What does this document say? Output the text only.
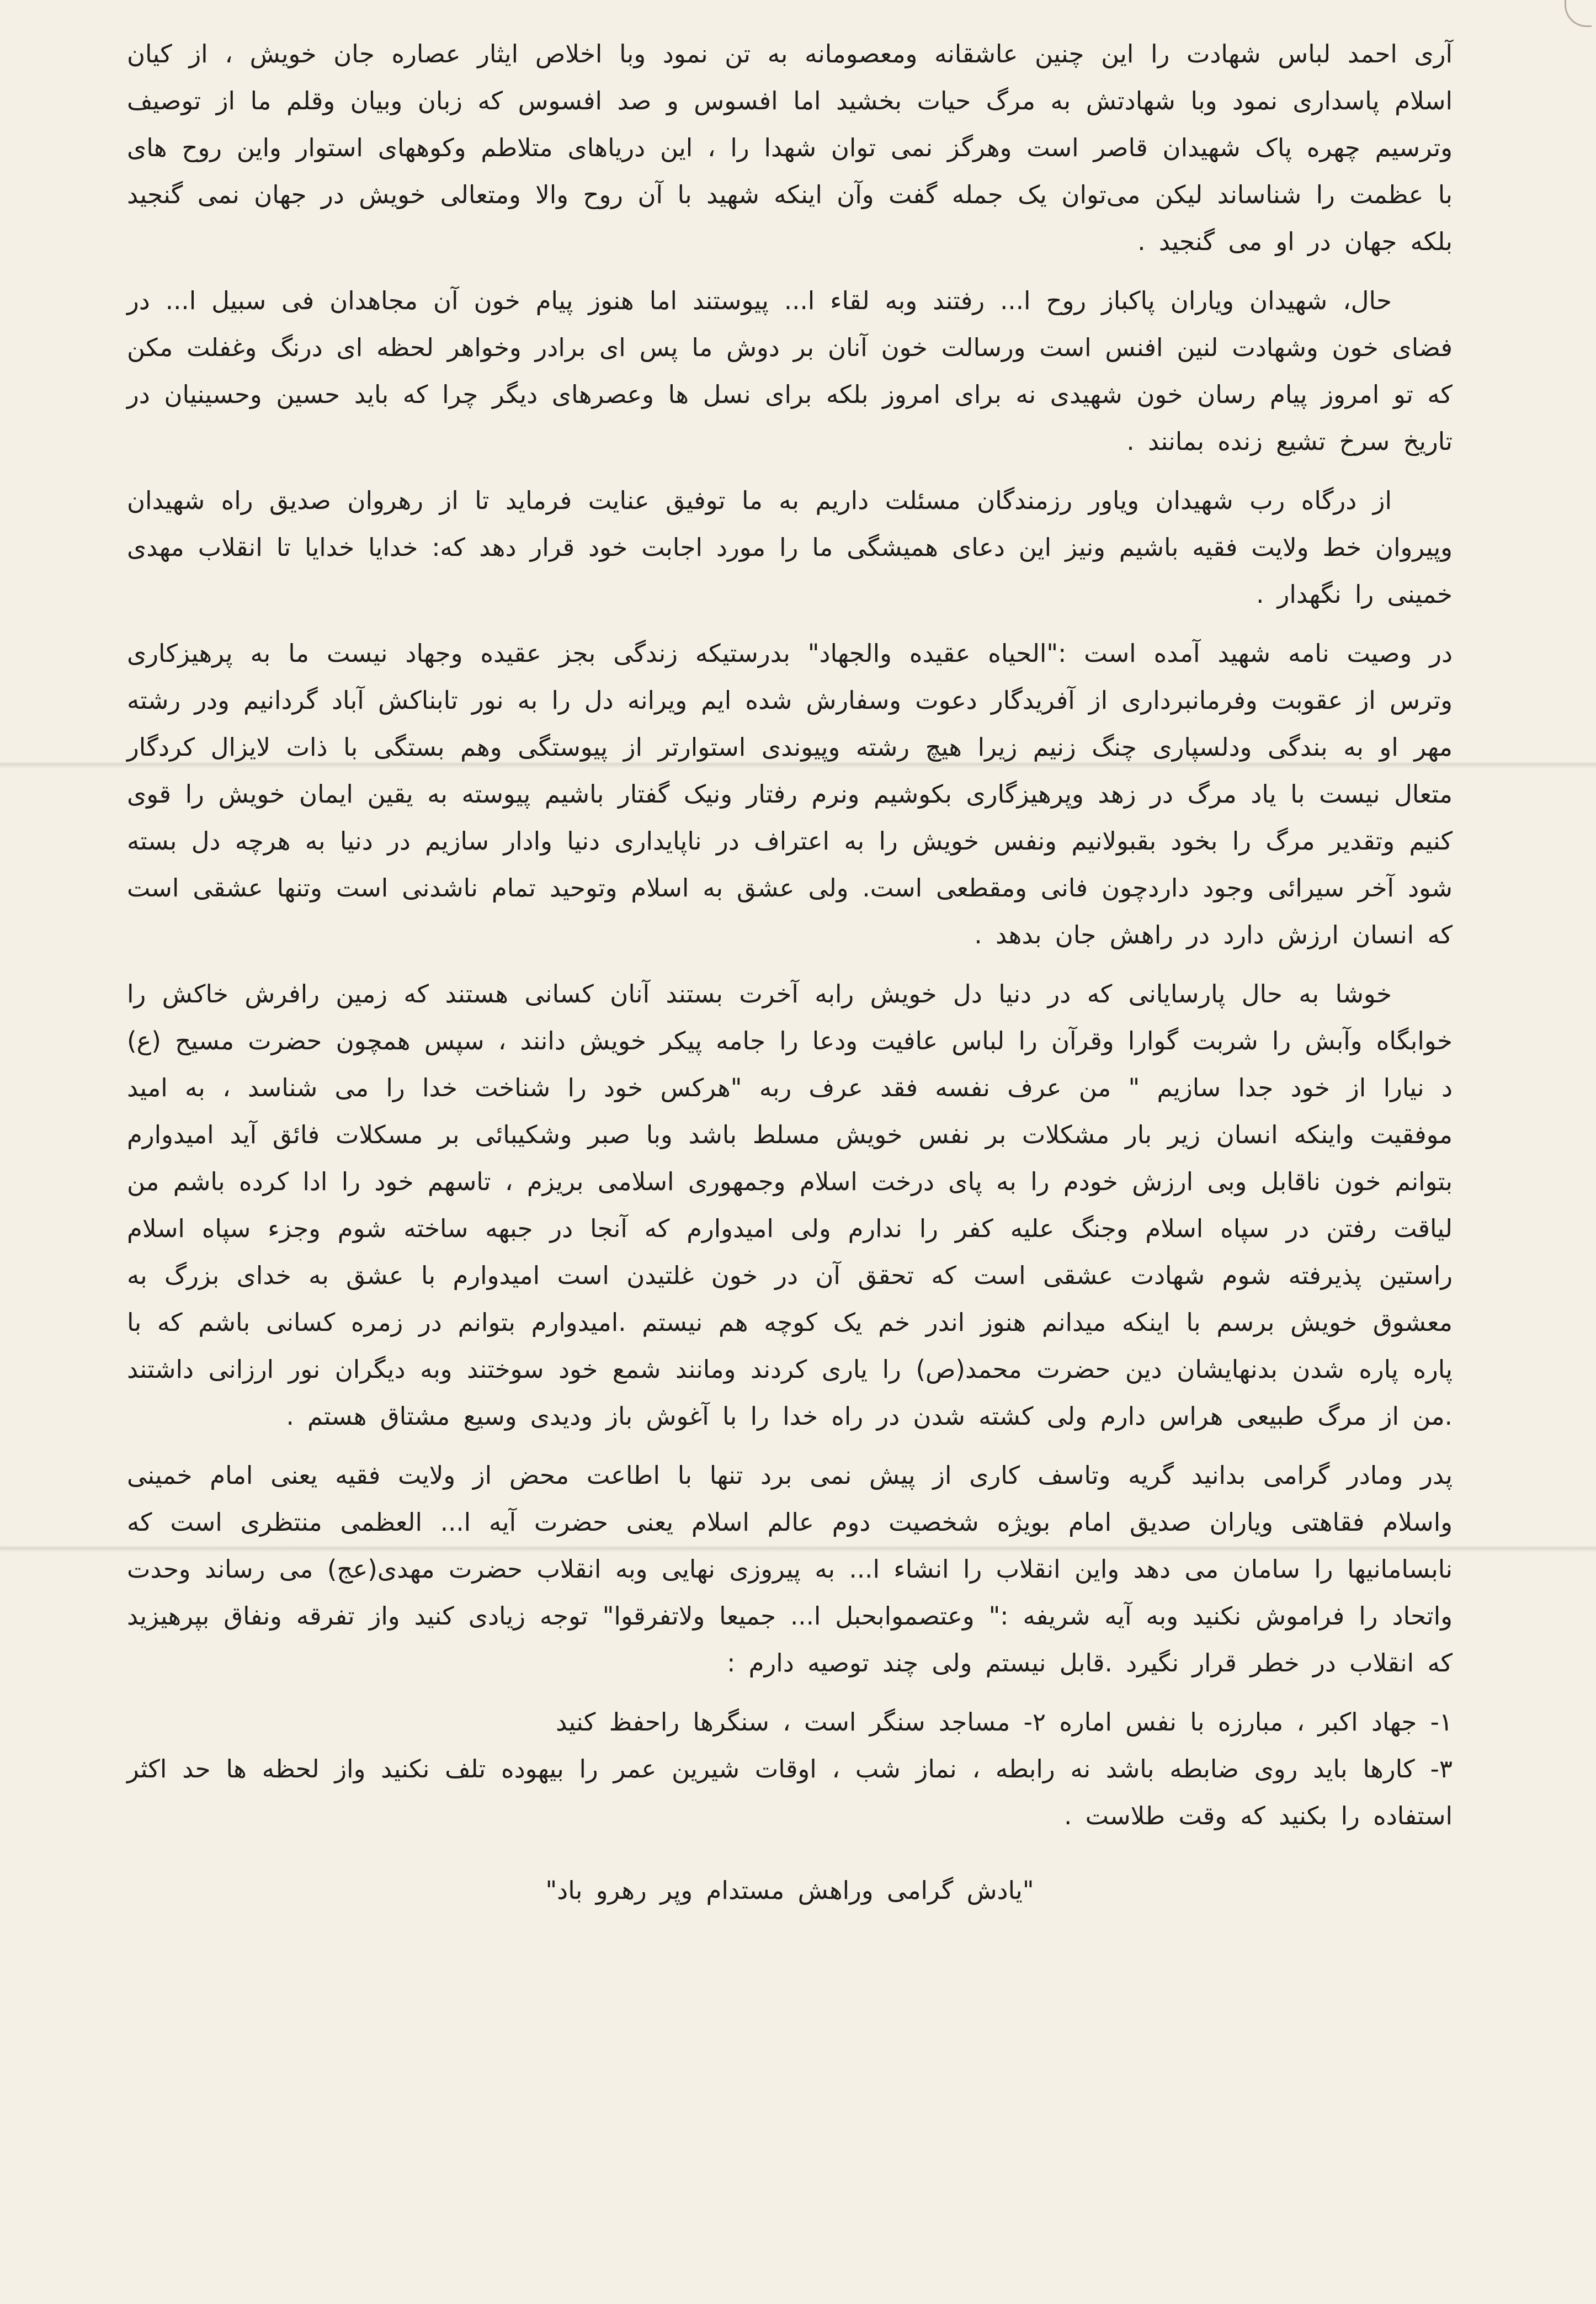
آری احمد لباس شهادت را این چنین عاشقانه ومعصومانه به تن نمود وبا اخلاص ایثار عصاره جان خویش ، از کیان اسلام پاسداری نمود وبا شهادتش به مرگ حیات بخشید اما افسوس و صد افسوس که زبان وبیان وقلم ما از توصیف وترسیم چهره پاک شهیدان قاصر است وهرگز نمی توان شهدا را ، این دریاهای متلاطم وکوههای استوار واین روح های با عظمت را شناساند لیکن می‌توان یک جمله گفت وآن اینکه شهید با آن روح والا ومتعالی خویش در جهان نمی گنجید بلکه جهان در او می گنجید .

حال، شهیدان ویاران پاکباز روح ا... رفتند وبه لقاء ا... پیوستند اما هنوز پیام خون آن مجاهدان فی سبیل ا... در فضای خون وشهادت لنین افنس است ورسالت خون آنان بر دوش ما پس ای برادر وخواهر لحظه ای درنگ وغفلت مکن که تو امروز پیام رسان خون شهیدی نه برای امروز بلکه برای نسل ها وعصرهای دیگر چرا که باید حسین وحسینیان در تاریخ سرخ تشیع زنده بمانند .

از درگاه رب شهیدان ویاور رزمندگان مسئلت داریم به ما توفیق عنایت فرماید تا از رهروان صدیق راه شهیدان وپیروان خط ولایت فقیه باشیم ونیز این دعای همیشگی ما را مورد اجابت خود قرار دهد که: خدایا خدایا تا انقلاب مهدی خمینی را نگهدار .

در وصیت نامه شهید آمده است :"الحیاه عقیده والجهاد" بدرستیکه زندگی بجز عقیده وجهاد نیست ما به پرهیزکاری وترس از عقوبت وفرمانبرداری از آفریدگار دعوت وسفارش شده ایم ویرانه دل را به نور تابناکش آباد گردانیم ودر رشته مهر او به بندگی ودلسپاری چنگ زنیم زیرا هیچ رشته وپیوندی استوارتر از پیوستگی وهم بستگی با ذات لایزال کردگار متعال نیست با یاد مرگ در زهد وپرهیزگاری بکوشیم ونرم رفتار ونیک گفتار باشیم پیوسته به یقین ایمان خویش را قوی کنیم وتقدیر مرگ را بخود بقبولانیم ونفس خویش را به اعتراف در ناپایداری دنیا وادار سازیم در دنیا به هرچه دل بسته شود آخر سیرائی وجود داردچون فانی ومقطعی است. ولی عشق به اسلام وتوحید تمام ناشدنی است وتنها عشقی است که انسان ارزش دارد در راهش جان بدهد .

خوشا به حال پارسایانی که در دنیا دل خویش رابه آخرت بستند آنان کسانی هستند که زمین رافرش خاکش را خوابگاه وآبش را شربت گوارا وقرآن را لباس عافیت ودعا را جامه پیکر خویش دانند ، سپس همچون حضرت مسیح (ع) د نیارا از خود جدا سازیم " من عرف نفسه فقد عرف ربه "هرکس خود را شناخت خدا را می شناسد ، به امید موفقیت واینکه انسان زیر بار مشکلات بر نفس خویش مسلط باشد وبا صبر وشکیبائی بر مسکلات فائق آید امیدوارم بتوانم خون ناقابل وبی ارزش خودم را به پای درخت اسلام وجمهوری اسلامی بریزم ، تاسهم خود را ادا کرده باشم من لیاقت رفتن در سپاه اسلام وجنگ علیه کفر را ندارم ولی امیدوارم که آنجا در جبهه ساخته شوم وجزء سپاه اسلام راستین پذیرفته شوم شهادت عشقی است که تحقق آن در خون غلتیدن است امیدوارم با عشق به خدای بزرگ به معشوق خویش برسم با اینکه میدانم هنوز اندر خم یک کوچه هم نیستم .امیدوارم بتوانم در زمره کسانی باشم که با پاره پاره شدن بدنهایشان دین حضرت محمد(ص) را یاری کردند ومانند شمع خود سوختند وبه دیگران نور ارزانی داشتند .من از مرگ طبیعی هراس دارم ولی کشته شدن در راه خدا را با آغوش باز ودیدی وسیع مشتاق هستم .

پدر ومادر گرامی بدانید گریه وتاسف کاری از پیش نمی برد تنها با اطاعت محض از ولایت فقیه یعنی امام خمینی واسلام فقاهتی ویاران صدیق امام بویژه شخصیت دوم عالم اسلام یعنی حضرت آیه ا... العظمی منتظری است که نابسامانیها را سامان می دهد واین انقلاب را انشاء ا... به پیروزی نهایی وبه انقلاب حضرت مهدی(عج) می رساند وحدت واتحاد را فراموش نکنید وبه آیه شریفه :" وعتصموابحبل ا... جمیعا ولاتفرقوا" توجه زیادی کنید واز تفرقه ونفاق بپرهیزید که انقلاب در خطر قرار نگیرد .قابل نیستم ولی چند توصیه دارم :

۱- جهاد اکبر ، مبارزه با نفس اماره ۲- مساجد سنگر است ، سنگرها راحفظ کنید

۳- کارها باید روی ضابطه باشد نه رابطه ، نماز شب ، اوقات شیرین عمر را بیهوده تلف نکنید واز لحظه ها حد اکثر استفاده را بکنید که وقت طلاست .

"یادش گرامی وراهش مستدام وپر رهرو باد"
